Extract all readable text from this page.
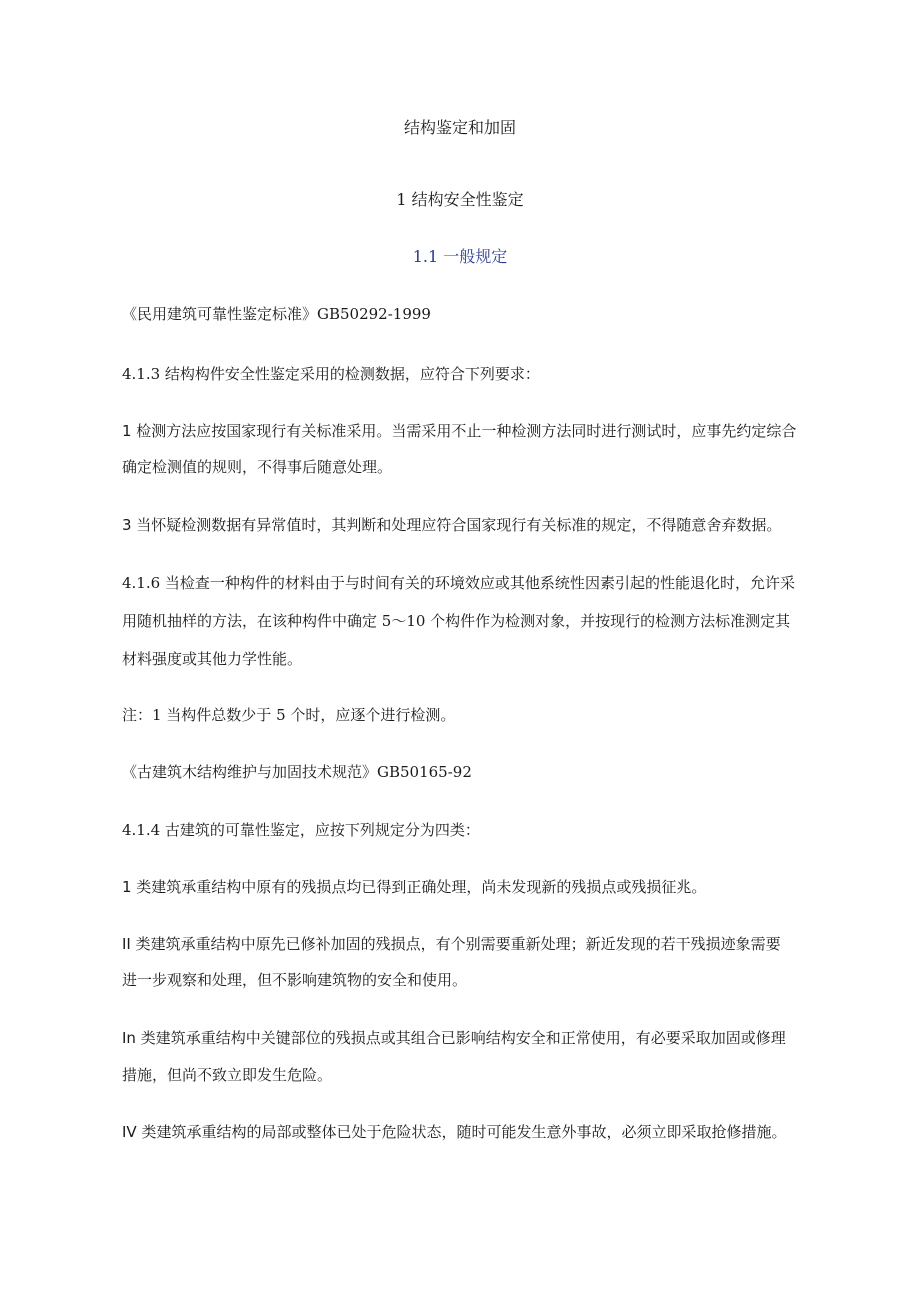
结构鉴定和加固
1 结构安全性鉴定
1.1 一般规定
《民用建筑可靠性鉴定标准》GB50292-1999
4.1.3 结构构件安全性鉴定采用的检测数据，应符合下列要求：
1 检测方法应按国家现行有关标准采用。当需采用不止一种检测方法同时进行测试时，应事先约定综合
确定检测值的规则，不得事后随意处理。
3 当怀疑检测数据有异常值时，其判断和处理应符合国家现行有关标准的规定，不得随意舍弃数据。
4.1.6 当检查一种构件的材料由于与时间有关的环境效应或其他系统性因素引起的性能退化时，允许采
用随机抽样的方法，在该种构件中确定 5～10 个构件作为检测对象，并按现行的检测方法标准测定其
材料强度或其他力学性能。
注：1 当构件总数少于 5 个时，应逐个进行检测。
《古建筑木结构维护与加固技术规范》GB50165-92
4.1.4 古建筑的可靠性鉴定，应按下列规定分为四类：
1 类建筑承重结构中原有的残损点均已得到正确处理，尚未发现新的残损点或残损征兆。
II 类建筑承重结构中原先已修补加固的残损点，有个别需要重新处理；新近发现的若干残损迹象需要
进一步观察和处理，但不影响建筑物的安全和使用。
In 类建筑承重结构中关键部位的残损点或其组合已影响结构安全和正常使用，有必要采取加固或修理
措施，但尚不致立即发生危险。
IV 类建筑承重结构的局部或整体已处于危险状态，随时可能发生意外事故，必须立即采取抢修措施。
